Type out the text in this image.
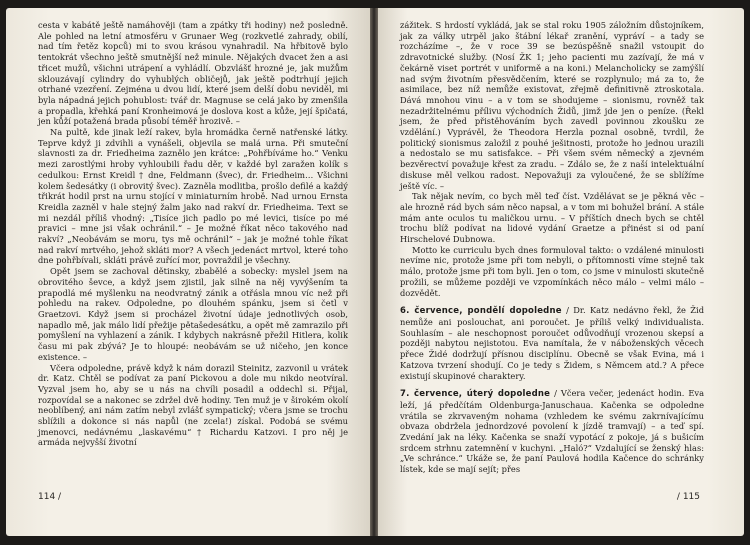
cesta v kabátě ještě namáhověji (tam a zpátky tři hodiny) než posledně. Ale pohled na letní atmosféru v Grunaer Weg (rozkvetlé zahrady, obilí, nad tím řetěz kopců) mi to svou krásou vynahradil. Na hřbitově bylo tentokrát všechno ještě smutnější než minule. Nějakých dvacet žen a asi třicet mužů, všichni utrápení a vyhládlí. Obzvlášť hrozné je, jak mužům sklouzávají cylindry do vyhublých obličejů, jak ještě podtrhují jejich otrhané vzezření. Zejména u dvou lidí, které jsem delší dobu neviděl, mi byla nápadná jejich pohublost: tvář dr. Magnuse se celá jako by zmenšila a propadla, křehká paní Kronheimová je doslova kost a kůže, její špičatá, jen kůží potažená brada působí téměř hrozivě. –

Na pultě, kde jinak leží rakev, byla hromádka černě natřenské látky. Teprve když ji zdvihli a vynášeli, objevila se malá urna. Při smuteční slavnosti za dr. Friedheima zaznělo jen krátce: „Pohřbíváme ho.“ Venku mezi zarostlými hroby vyhloubili řadu děr, v každé byl zaražen kolík s cedulkou: Ernst Kreidl † dne, Feldmann (švec), dr. Friedheim… Všichni kolem šedesátky (i obrovitý švec). Zazněla modlitba, prošlo defilé a každý třikrát hodil prst na urnu stojící v miniaturním hrobě. Nad urnou Ernsta Kreidla zazněl v hale stejný žalm jako nad rakví dr. Friedheima. Text se mi nezdál příliš vhodný: „Tisíce jich padlo po mé levici, tisíce po mé pravici – mne jsi však ochránil.“ – Je možné říkat něco takového nad rakví? „Neobávám se moru, tys mě ochránil“ – jak je možné tohle říkat nad rakví mrtvého, jehož skláti mor? A všech jedenáct mrtvol, které toho dne pohřbívali, skláti právě zuřící mor, povraždil je všechny.

Opět jsem se zachoval dětinsky, zbabělé a sobecky: myslel jsem na obrovitého ševce, a když jsem zjistil, jak silně na něj vyvýšením ta prapodlá mé myšlenku na neodvratný zánik a otřásla mnou víc než při pohledu na rakev. Odpoledne, po dlouhém spánku, jsem si četl v Graetzovi. Když jsem si procházel životní údaje jednotlivých osob, napadlo mě, jak málo lidí přežije pětašedesátku, a opět mě zamrazilo při pomyšlení na vyhlazení a zánik. I kdybych nakrásně přežil Hitlera, kolik času mi pak zbývá? Je to hloupé: neobávám se už ničeho, jen konce existence. –

Včera odpoledne, právě když k nám dorazil Steinitz, zazvonil u vrátek dr. Katz. Chtěl se podívat za paní Pickovou a dole mu nikdo neotvíral. Vyzval jsem ho, aby se u nás na chvíli posadil a oddechl si. Přijal, rozpovídal se a nakonec se zdržel dvě hodiny. Ten muž je v širokém okolí neoblíbený, ani nám zatím nebyl zvlášť sympatický; včera jsme se trochu sblížili a dokonce si nás napůl (ne zcela!) získal. Podobá se svému jmenovci, nedávnému „laskavému“ † Richardu Katzovi. I pro něj je armáda nejvyšší životní

114 /

zážitek. S hrdostí vykládá, jak se stal roku 1905 záložním důstojníkem, jak za války utrpěl jako štábní lékař zranění, vypráví – a tady se rozcházíme –, že v roce 39 se bezúspěšně snažil vstoupit do zdravotnické služby. (Nosí ŽK 1; jeho pacienti mu zazívají, že má v čekárně viset portrét v uniformě a na koni.) Melancholicky se zamýšlí nad svým životním přesvědčením, které se rozplynulo; má za to, že asimilace, bez níž nemůže existovat, zřejmě definitivně ztroskotala. Dává mnohou vinu – a v tom se shodujeme – sionismu, rovněž tak nezadržitelnému přílivu východních Židů, jimž jde jen o peníze. (Řekl jsem, že před přistěhováním bych zavedl povinnou zkoušku ze vzdělání.) Vyprávěl, že Theodora Herzla poznal osobně, tvrdil, že politický sionismus založil z pouhé ješitnosti, protože ho jednou urazili a nedostalo se mu satisfakce. – Při všem svém německý a zjevném bezvěrectví považuje křest za zradu. – Zdálo se, že z naší intelektuální diskuse měl velkou radost. Nepovažuji za vyloučené, že se sblížíme ještě víc. –

Tak nějak nevím, co bych měl teď číst. Vzdělávat se je pěkná věc – ale hrozně rád bych sám něco napsal, a v tom mi bohužel brání. A stále mám ante oculos tu maličkou urnu. – V příštích dnech bych se chtěl trochu blíž podívat na lidové vydání Graetze a přinést si od paní Hirschelové Dubnowa.

Motto ke curriculu bych dnes formuloval takto: o vzdálené minulosti nevíme nic, protože jsme při tom nebyli, o přítomnosti víme stejně tak málo, protože jsme při tom byli. Jen o tom, co jsme v minulosti skutečně prožili, se můžeme později ve vzpomínkách něco málo – velmi málo – dozvědět.

6. července, pondělí dopoledne / Dr. Katz nedávno řekl, že Žid nemůže ani poslouchat, ani poroučet. Je příliš velký individualista. Souhlasím – ale neschopnost poroučet odůvodňují vrozenou skepsí a později nabytou nejistotou. Eva namítala, že v náboženských věcech přece Židé dodržují přísnou disciplínu. Obecně se však Evina, má i Katzova tvrzení shodují. Co je tedy s Židem, s Němcem atd.? A přece existují skupinové charaktery.

7. července, úterý dopoledne / Včera večer, jedenáct hodin. Eva leží, já předčítám Oldenburga-Januschaua. Kačenka se odpoledne vrátila se zkrvaveným nohama (vzhledem ke svému zakrnívajícímu obvaza obdržela jednordzové povolení k jízdě tramvají) – a teď spí. Zvedání jak na léky. Kačenka se snaží vypotácí z pokoje, já s bušicím srdcem strhnu zatemnění v kuchyni. „Haló?“ Vzdalující se ženský hlas: „Ve schránce.“ Ukáže se, že paní Paulová hodila Kačence do schránky lístek, kde se mají sejít; přes

/ 115
